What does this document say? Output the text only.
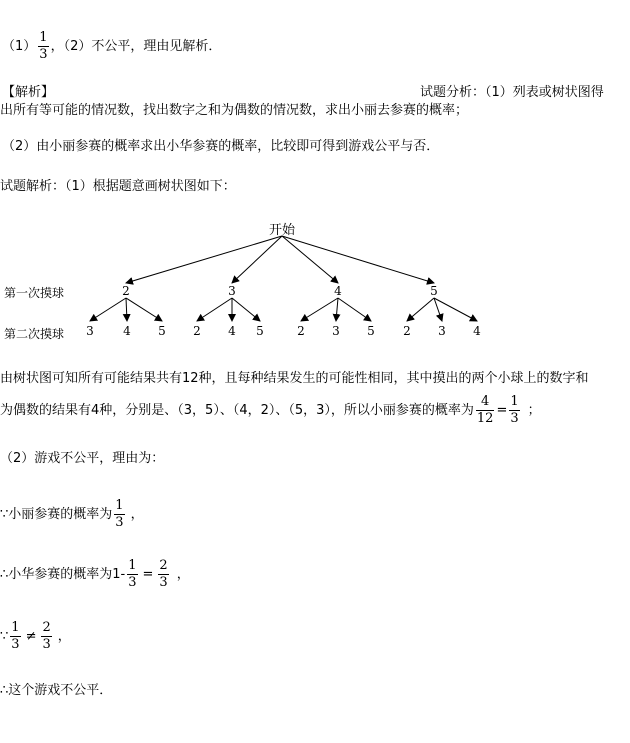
$(1) \frac{1}{3}$ ，（2）不公平，理由见解析．
【解析】	试题分析：（1）列表或树状图得
出所有等可能的情况数，找出数字之和为偶数的情况数，求出小丽去参赛的概率；
（2）由小丽参赛的概率求出小华参赛的概率，比较即可得到游戏公平与否．
试题解析：（1）根据题意画树状图如下：
开始
第一次摸球
第二次摸球
2
3 4 5
3
2 4 5
4
2 3 5
5
2 3 4
由树状图可知所有可能结果共有12种，且每种结果发生的可能性相同，其中摸出的两个小球上的数字和
为偶数的结果有4种，分别是、（3，5）、（4，2）、（5，3），所以小丽参赛的概率为 $\frac{4}{12} = \frac{1}{3}$ ；
（2）游戏不公平，理由为：
∵小丽参赛的概率为 $\frac{1}{3}$ ，
∴小华参赛的概率为$1- \frac{1}{3} = \frac{2}{3}$ ，
∵ $\frac{1}{3} \ne \frac{2}{3}$ ，
∴这个游戏不公平．
